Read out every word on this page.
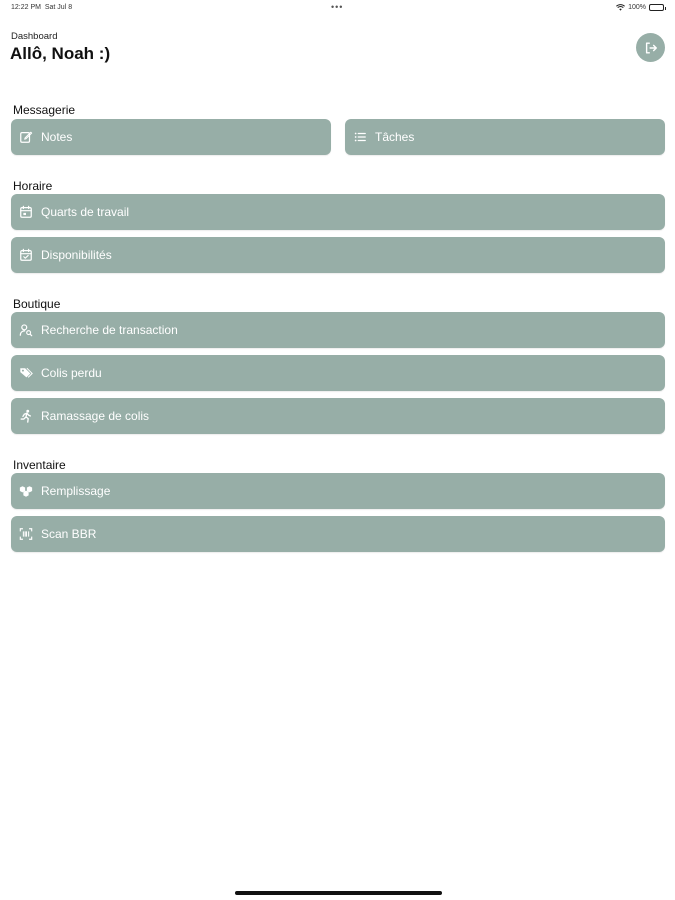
12:22 PM Sat Jul 8	•••	100%
Dashboard
Allô, Noah :)
Messagerie
Notes	Tâches
Horaire
Quarts de travail
Disponibilités
Boutique
Recherche de transaction
Colis perdu
Ramassage de colis
Inventaire
Remplissage
Scan BBR
